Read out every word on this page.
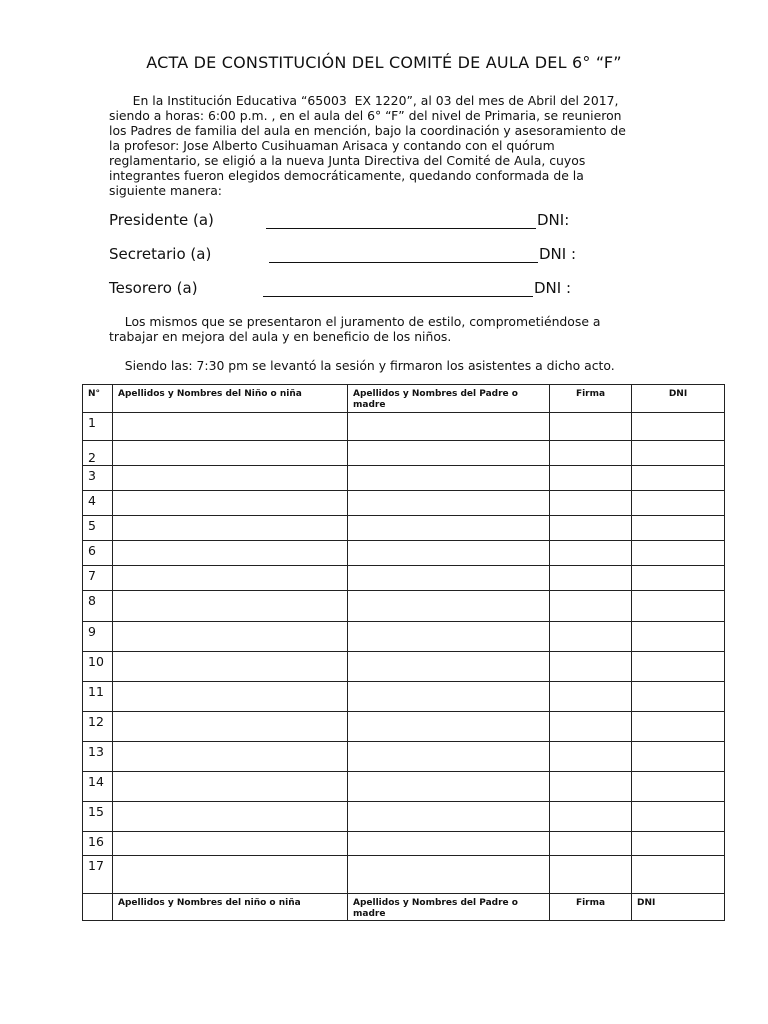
ACTA DE CONSTITUCIÓN DEL COMITÉ DE AULA DEL 6° “F”
En la Institución Educativa “65003  EX 1220”, al 03 del mes de Abril del 2017,
siendo a horas: 6:00 p.m. , en el aula del 6° “F” del nivel de Primaria, se reunieron
los Padres de familia del aula en mención, bajo la coordinación y asesoramiento de
la profesor: Jose Alberto Cusihuaman Arisaca y contando con el quórum
reglamentario, se eligió a la nueva Junta Directiva del Comité de Aula, cuyos
integrantes fueron elegidos democráticamente, quedando conformada de la
siguiente manera:
Presidente (a)	DNI:
Secretario (a)	DNI :
Tesorero (a)	DNI :
Los mismos que se presentaron el juramento de estilo, comprometiéndose a
trabajar en mejora del aula y en beneficio de los niños.
Siendo las: 7:30 pm se levantó la sesión y firmaron los asistentes a dicho acto.
N°	Apellidos y Nombres del Niño o niña	Apellidos y Nombres del Padre o madre	Firma	DNI
1				
2				
3				
4				
5				
6				
7				
8				
9				
10				
11				
12				
13				
14				
15				
16				
17				
	Apellidos y Nombres del niño o niña	Apellidos y Nombres del Padre o madre	Firma	DNI
